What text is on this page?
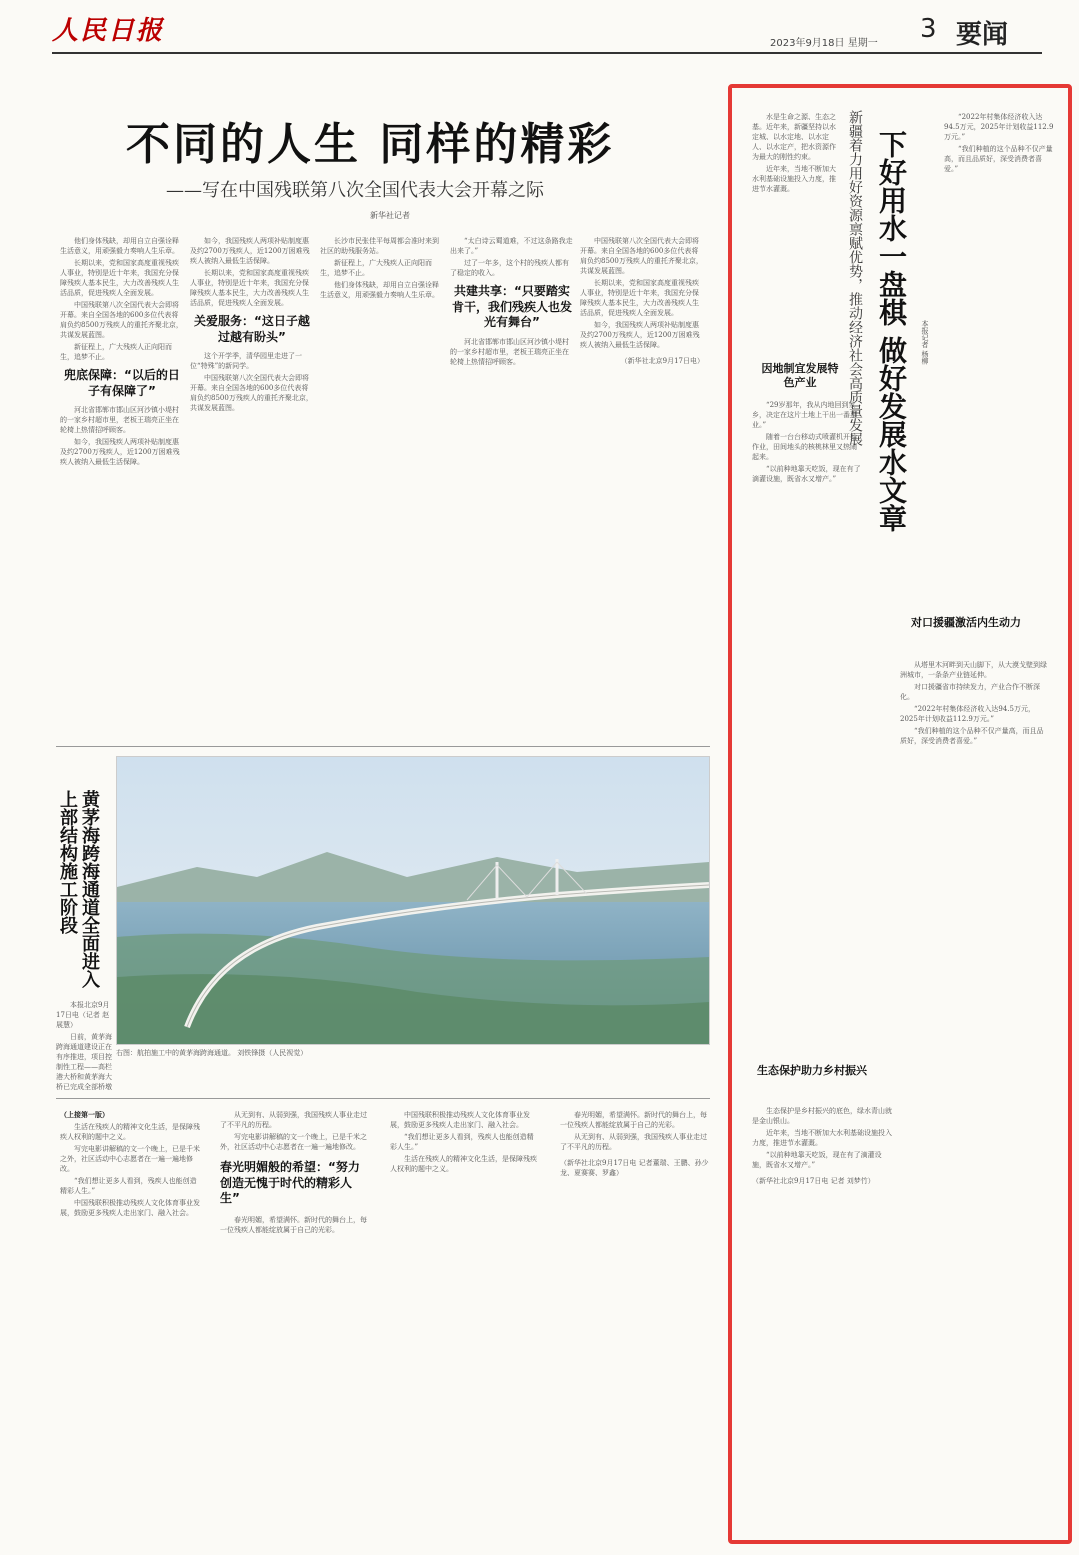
人民日报	2023年9月18日 星期一 3 要闻
不同的人生 同样的精彩
——写在中国残联第八次全国代表大会开幕之际
新华社记者

他们身体残缺，却用自立自强诠释生活意义，用顽强毅力奏响人生乐章。

长期以来，党和国家高度重视残疾人事业，特别是近十年来，我国充分保障残疾人基本民生，大力改善残疾人生活品质，促进残疾人全面发展。

中国残联第八次全国代表大会即将开幕。来自全国各地的600多位代表将肩负约8500万残疾人的重托齐聚北京，共谋发展蓝图。

新征程上，广大残疾人正向阳而生，追梦不止。

兜底保障：“以后的日子有保障了”

河北省邯郸市邯山区河沙镇小堤村的一家乡村超市里，老板王瑞亮正坐在轮椅上热情招呼顾客。

如今，我国残疾人两项补贴制度惠及约2700万残疾人，近1200万困难残疾人被纳入最低生活保障。

如今，我国残疾人两项补贴制度惠及约2700万残疾人，近1200万困难残疾人被纳入最低生活保障。

长期以来，党和国家高度重视残疾人事业，特别是近十年来，我国充分保障残疾人基本民生，大力改善残疾人生活品质，促进残疾人全面发展。

关爱服务：“这日子越过越有盼头”

这个开学季，清华园里走进了一位“特殊”的新同学。

中国残联第八次全国代表大会即将开幕。来自全国各地的600多位代表将肩负约8500万残疾人的重托齐聚北京，共谋发展蓝图。

长沙市民张佳平每周都会准时来到社区的助残服务站。

新征程上，广大残疾人正向阳而生，追梦不止。

他们身体残缺，却用自立自强诠释生活意义，用顽强毅力奏响人生乐章。

“太白诗云蜀道难，不过这条路我走出来了。”

过了一年多，这个村的残疾人都有了稳定的收入。

共建共享：“只要踏实肯干，我们残疾人也发光有舞台”

河北省邯郸市邯山区河沙镇小堤村的一家乡村超市里，老板王瑞亮正坐在轮椅上热情招呼顾客。

中国残联第八次全国代表大会即将开幕。来自全国各地的600多位代表将肩负约8500万残疾人的重托齐聚北京，共谋发展蓝图。

长期以来，党和国家高度重视残疾人事业，特别是近十年来，我国充分保障残疾人基本民生，大力改善残疾人生活品质，促进残疾人全面发展。

如今，我国残疾人两项补贴制度惠及约2700万残疾人，近1200万困难残疾人被纳入最低生活保障。

（新华社北京9月17日电）
黄茅海跨海通道全面进入上部结构施工阶段
右图：航拍施工中的黄茅海跨海通道。 刘铁锋摄（人民视觉）

本报北京9月17日电（记者 赵展慧）

日前，黄茅海跨海通道建设正在有序推进，项目控制性工程——高栏港大桥和黄茅海大桥已完成全部桥墩

（上接第一版）

生活在残疾人的精神文化生活，是保障残疾人权利的题中之义。

写完电影讲解稿的文一个晚上，已是千米之外，社区活动中心志愿者在一遍一遍地修改。

“我们想让更多人看到，残疾人也能创造精彩人生。”

中国残联积极推动残疾人文化体育事业发展，鼓励更多残疾人走出家门、融入社会。

从无到有、从弱到强，我国残疾人事业走过了不平凡的历程。

写完电影讲解稿的文一个晚上，已是千米之外，社区活动中心志愿者在一遍一遍地修改。

春光明媚般的希望：“努力创造无愧于时代的精彩人生”

春光明媚，希望满怀。新时代的舞台上，每一位残疾人都能绽放属于自己的光彩。

中国残联积极推动残疾人文化体育事业发展，鼓励更多残疾人走出家门、融入社会。

“我们想让更多人看到，残疾人也能创造精彩人生。”

生活在残疾人的精神文化生活，是保障残疾人权利的题中之义。

春光明媚，希望满怀。新时代的舞台上，每一位残疾人都能绽放属于自己的光彩。

从无到有、从弱到强，我国残疾人事业走过了不平凡的历程。

（新华社北京9月17日电 记者董瑞、王鹏、孙少龙、夏赛赛、罗鑫）

水是生命之源、生态之基。近年来，新疆坚持以水定城、以水定地、以水定人、以水定产，把水资源作为最大的刚性约束。

近年来，当地不断加大水利基础设施投入力度，推进节水灌溉。	新疆着力用好资源禀赋优势，推动经济社会高质量发展 下好用水一盘棋 做好发展水文章 本报记者 杨柳

“2022年村集体经济收入达94.5万元，2025年计划收益112.9万元。”

“我们种植的这个品种不仅产量高，而且品质好，深受消费者喜爱。”

因地制宜发展特色产业

“29岁那年，我从内地回到家乡，决定在这片土地上干出一番事业。”

随着一台台移动式喷灌机开始作业，田间地头的核桃林里又热闹起来。

“以前种地靠天吃饭，现在有了滴灌设施，既省水又增产。”

对口援疆激活内生动力

从塔里木河畔到天山脚下，从大漠戈壁到绿洲城市，一条条产业链延伸。

对口援疆省市持续发力，产业合作不断深化。

“2022年村集体经济收入达94.5万元，2025年计划收益112.9万元。”

“我们种植的这个品种不仅产量高，而且品质好，深受消费者喜爱。”

生态保护助力乡村振兴

生态保护是乡村振兴的底色，绿水青山就是金山银山。

近年来，当地不断加大水利基础设施投入力度，推进节水灌溉。

“以前种地靠天吃饭，现在有了滴灌设施，既省水又增产。”

（新华社北京9月17日电 记者 刘梦竹）
